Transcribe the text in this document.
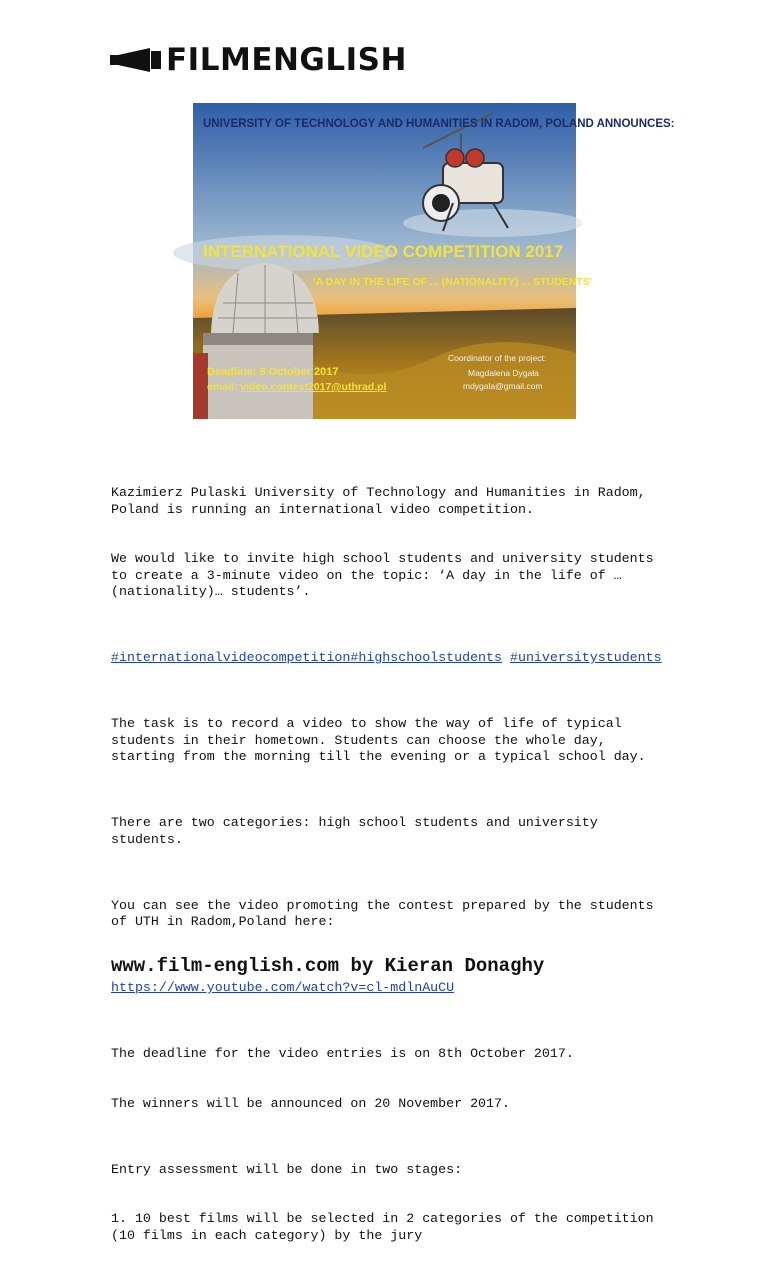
FILMENGLISH
UNIVERSITY OF TECHNOLOGY AND HUMANITIES IN RADOM, POLAND ANNOUNCES:
INTERNATIONAL VIDEO COMPETITION 2017
'A DAY IN THE LIFE OF ... (NATIONALITY) ... STUDENTS'
Deadline: 8 October 2017
email: video.contest2017@uthrad.pl
Coordinator of the project:
Magdalena Dygała
mdygala@gmail.com

Kazimierz Pulaski University of Technology and Humanities in Radom, Poland is running an international video competition.

We would like to invite high school students and university students to create a 3-minute video on the topic: ‘A day in the life of …(nationality)… students’.

#internationalvideocompetition#highschoolstudents #universitystudents

The task is to record a video to show the way of life of typical students in their hometown. Students can choose the whole day, starting from the morning till the evening or a typical school day.

There are two categories: high school students and university students.

You can see the video promoting the contest prepared by the students of UTH in Radom,Poland here:

https://www.youtube.com/watch?v=cl-mdlnAuCU

The deadline for the video entries is on 8th October 2017.

The winners will be announced on 20 November 2017.

Entry assessment will be done in two stages:

1. 10 best films will be selected in 2 categories of the competition (10 films in each category) by the jury

www.film-english.com by Kieran Donaghy
